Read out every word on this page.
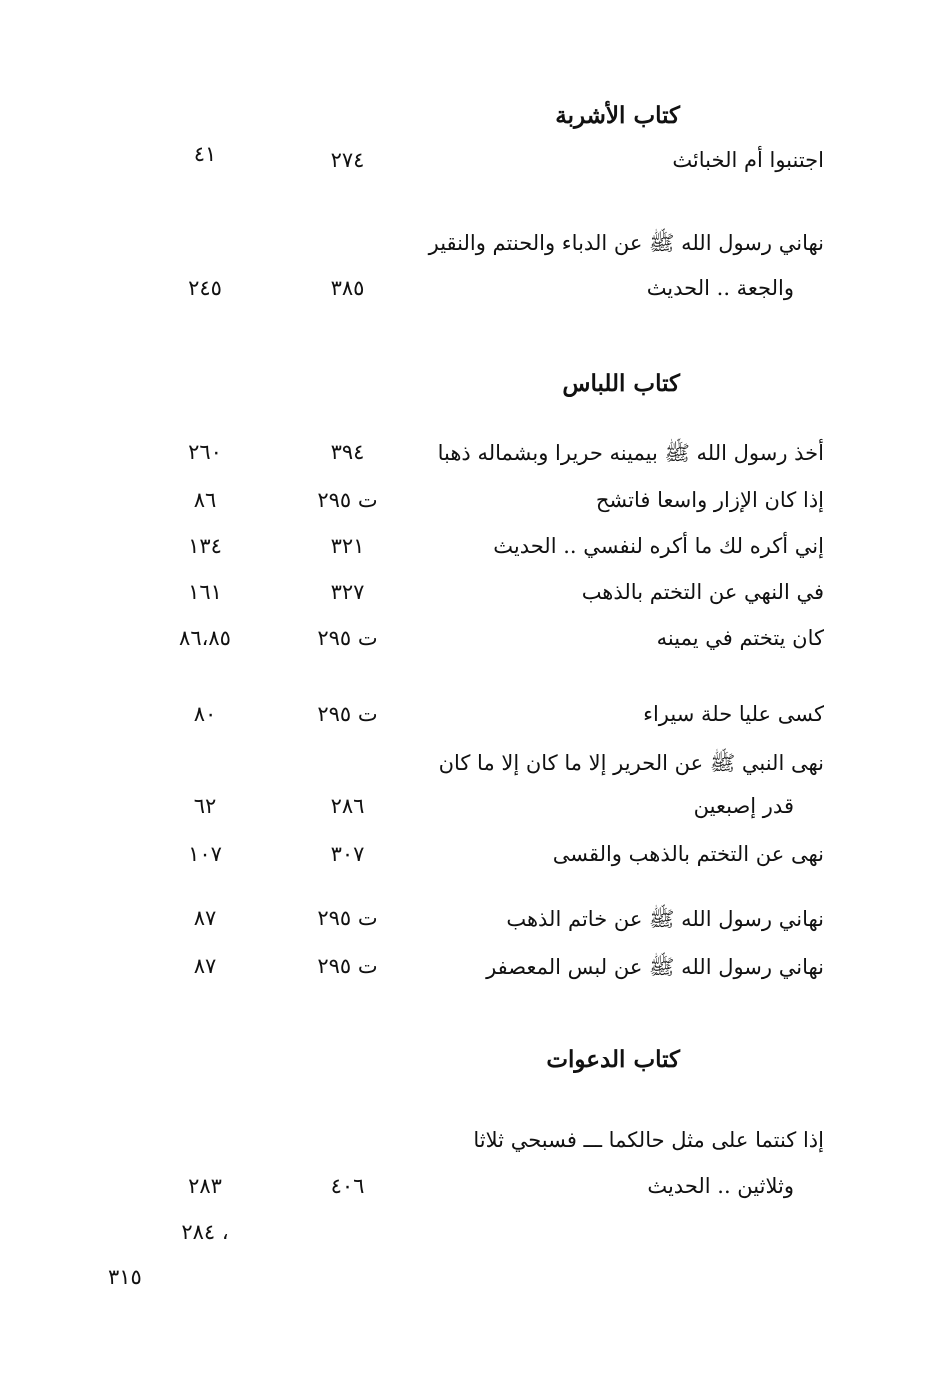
كتاب الأشربة
اجتنبوا أم الخبائث
٢٧٤
٤١
نهاني رسول الله ﷺ عن الدباء والحنتم والنقير
والجعة .. الحديث
٣٨٥
٢٤٥
كتاب اللباس
أخذ رسول الله ﷺ بيمينه حريرا وبشماله ذهبا
٣٩٤
٢٦٠
إذا كان الإزار واسعا فاتشح
ت ٢٩٥
٨٦
إني أكره لك ما أكره لنفسي .. الحديث
٣٢١
١٣٤
في النهي عن التختم بالذهب
٣٢٧
١٦١
كان يتختم في يمينه
ت ٢٩٥
٨٦،٨٥
كسى عليا حلة سيراء
ت ٢٩٥
٨٠
نهى النبي ﷺ عن الحرير إلا ما كان إلا ما كان
قدر إصبعين
٢٨٦
٦٢
نهى عن التختم بالذهب والقسى
٣٠٧
١٠٧
نهاني رسول الله ﷺ عن خاتم الذهب
ت ٢٩٥
٨٧
نهاني رسول الله ﷺ عن لبس المعصفر
ت ٢٩٥
٨٧
كتاب الدعوات
إذا كنتما على مثل حالكما ـــ فسبحي ثلاثا
وثلاثين .. الحديث
٤٠٦
٢٨٣
، ٢٨٤
٣١٥
